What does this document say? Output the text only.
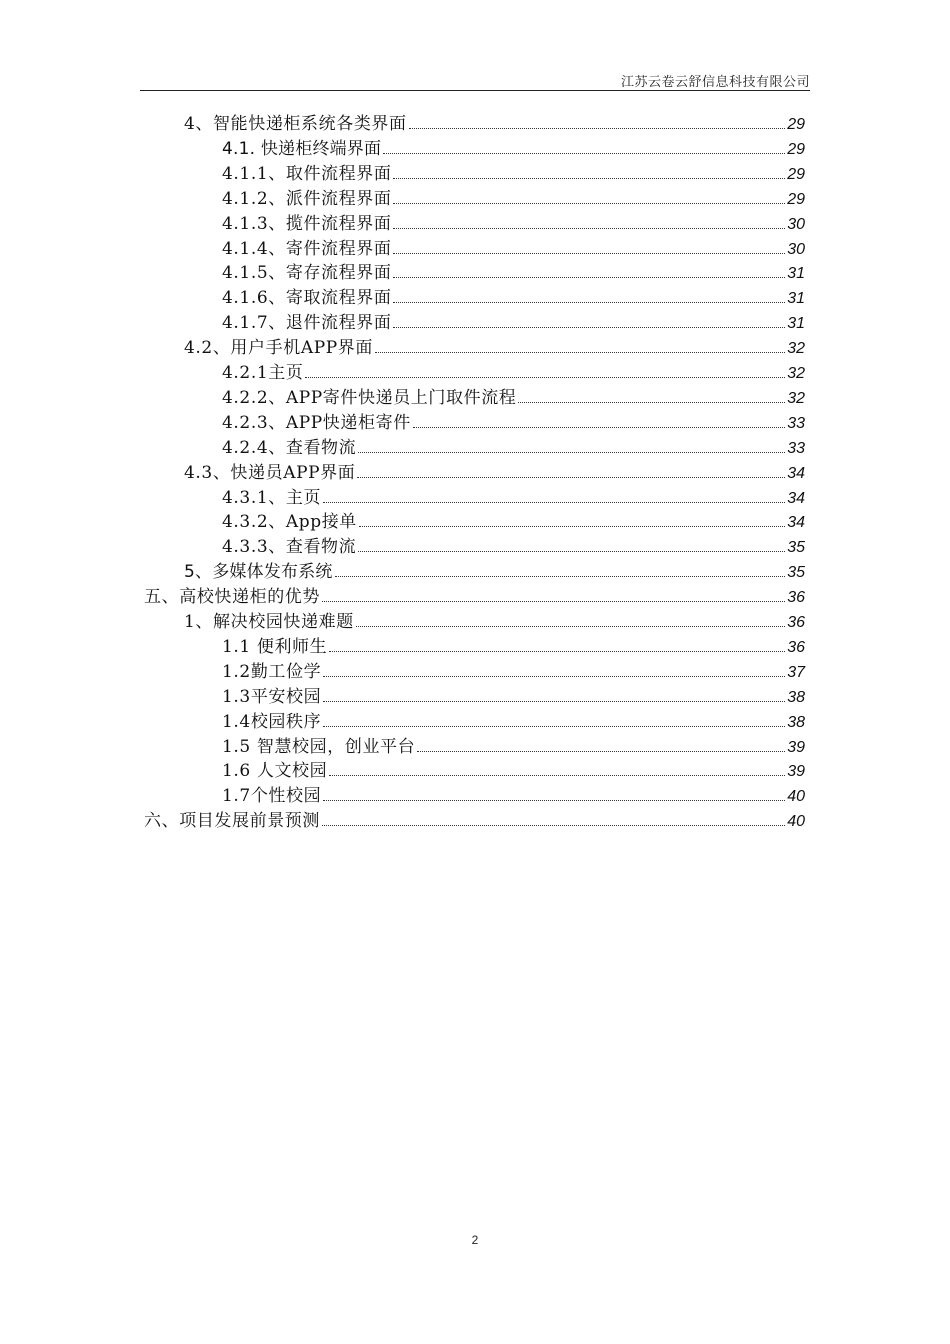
江苏云卷云舒信息科技有限公司
4、智能快递柜系统各类界面	29
4.1. 快递柜终端界面	29
4.1.1、取件流程界面	29
4.1.2、派件流程界面	29
4.1.3、揽件流程界面	30
4.1.4、寄件流程界面	30
4.1.5、寄存流程界面	31
4.1.6、寄取流程界面	31
4.1.7、退件流程界面	31
4.2、用户手机APP界面	32
4.2.1主页	32
4.2.2、APP寄件快递员上门取件流程	32
4.2.3、APP快递柜寄件	33
4.2.4、查看物流	33
4.3、快递员APP界面	34
4.3.1、主页	34
4.3.2、App接单	34
4.3.3、查看物流	35
5、多媒体发布系统	35
五、高校快递柜的优势	36
1、解决校园快递难题	36
1.1 便利师生	36
1.2勤工俭学	37
1.3平安校园	38
1.4校园秩序	38
1.5 智慧校园，创业平台	39
1.6 人文校园	39
1.7个性校园	40
六、项目发展前景预测	40
2
